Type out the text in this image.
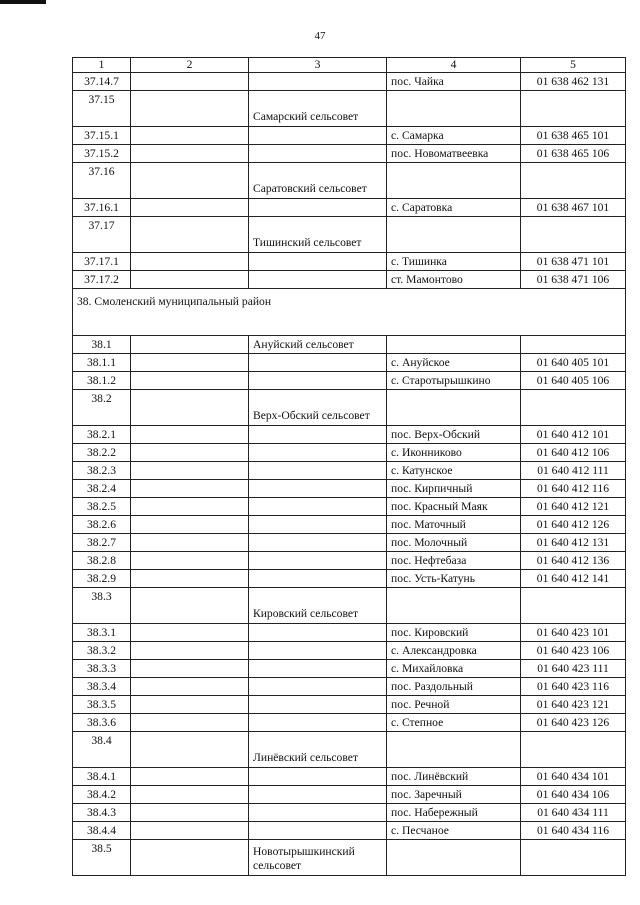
47
1	2	3	4	5
37.14.7			пос. Чайка	01 638 462 131
37.15		Самарский сельсовет		
37.15.1			с. Самарка	01 638 465 101
37.15.2			пос. Новоматвеевка	01 638 465 106
37.16		Саратовский сельсовет		
37.16.1			с. Саратовка	01 638 467 101
37.17		Тишинский сельсовет		
37.17.1			с. Тишинка	01 638 471 101
37.17.2			ст. Мамонтово	01 638 471 106
38. Смоленский муниципальный район				
38.1		Ануйский сельсовет		
38.1.1			с. Ануйское	01 640 405 101
38.1.2			с. Старотырышкино	01 640 405 106
38.2		Верх-Обский сельсовет		
38.2.1			пос. Верх-Обский	01 640 412 101
38.2.2			с. Иконниково	01 640 412 106
38.2.3			с. Катунское	01 640 412 111
38.2.4			пос. Кирпичный	01 640 412 116
38.2.5			пос. Красный Маяк	01 640 412 121
38.2.6			пос. Маточный	01 640 412 126
38.2.7			пос. Молочный	01 640 412 131
38.2.8			пос. Нефтебаза	01 640 412 136
38.2.9			пос. Усть-Катунь	01 640 412 141
38.3		Кировский сельсовет		
38.3.1			пос. Кировский	01 640 423 101
38.3.2			с. Александровка	01 640 423 106
38.3.3			с. Михайловка	01 640 423 111
38.3.4			пос. Раздольный	01 640 423 116
38.3.5			пос. Речной	01 640 423 121
38.3.6			с. Степное	01 640 423 126
38.4		Линёвский сельсовет		
38.4.1			пос. Линёвский	01 640 434 101
38.4.2			пос. Заречный	01 640 434 106
38.4.3			пос. Набережный	01 640 434 111
38.4.4			с. Песчаное	01 640 434 116
38.5		Новотырышкинский сельсовет		
